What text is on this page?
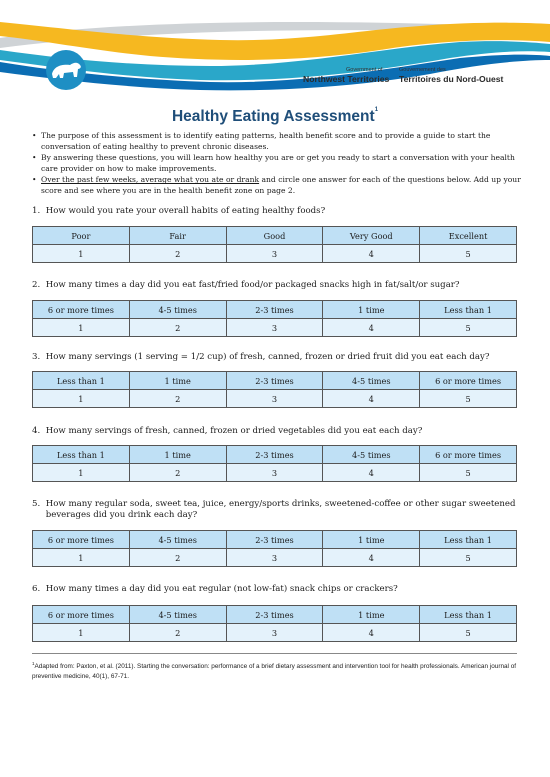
Government of	Gouvernement des
Northwest Territories Territoires du Nord-Ouest
Healthy Eating Assessment$^1$
• The purpose of this assessment is to identify eating patterns, health benefit score and to provide a guide to start the conversation of eating healthy to prevent chronic diseases.
• By answering these questions, you will learn how healthy you are or get you ready to start a conversation with your health care provider on how to make improvements.
• Over the past few weeks, average what you ate or drank and circle one answer for each of the questions below. Add up your score and see where you are in the health benefit zone on page 2.
1. How would you rate your overall habits of eating healthy foods?
Poor	Fair	Good	Very Good	Excellent
1	2	3	4	5
2. How many times a day did you eat fast/fried food/or packaged snacks high in fat/salt/or sugar?
6 or more times	4-5 times	2-3 times	1 time	Less than 1
1	2	3	4	5
3. How many servings (1 serving = 1/2 cup) of fresh, canned, frozen or dried fruit did you eat each day?
Less than 1	1 time	2-3 times	4-5 times	6 or more times
1	2	3	4	5
4. How many servings of fresh, canned, frozen or dried vegetables did you eat each day?
Less than 1	1 time	2-3 times	4-5 times	6 or more times
1	2	3	4	5
5. How many regular soda, sweet tea, juice, energy/sports drinks, sweetened-coffee or other sugar sweetened beverages did you drink each day?
6 or more times	4-5 times	2-3 times	1 time	Less than 1
1	2	3	4	5
6. How many times a day did you eat regular (not low-fat) snack chips or crackers?
6 or more times	4-5 times	2-3 times	1 time	Less than 1
1	2	3	4	5
$^1$Adapted from: Paxton, et al. (2011). Starting the conversation: performance of a brief dietary assessment and intervention tool for health professionals. American journal of preventive medicine, 40(1), 67-71.
